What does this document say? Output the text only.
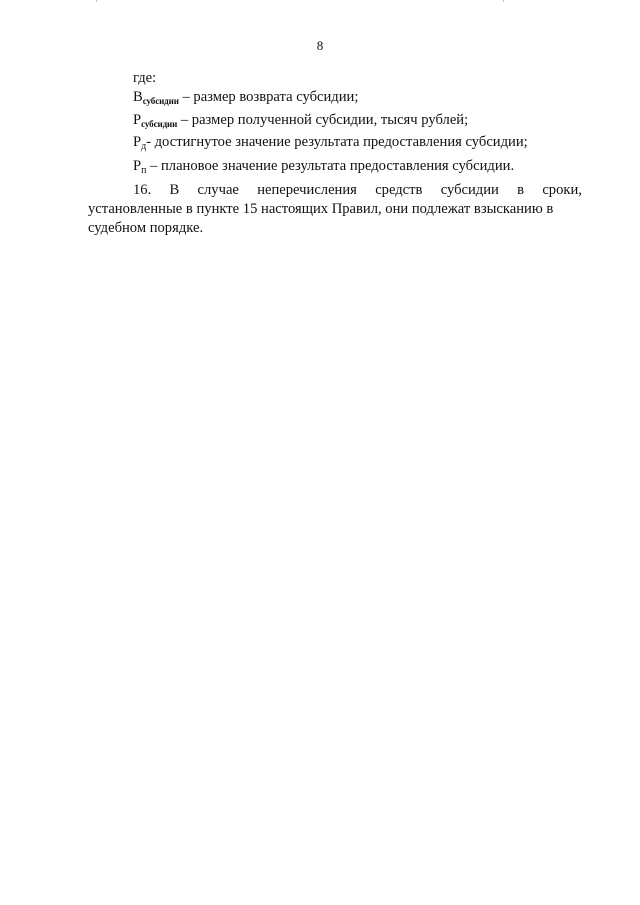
8
где:
$В_{субсидии}$ – размер возврата субсидии;
$Р_{субсидии}$ – размер полученной субсидии, тысяч рублей;
$Р_д-$ достигнутое значение результата предоставления субсидии;
$Р_п$ – плановое значение результата предоставления субсидии.
16. В случае неперечисления средств субсидии в сроки,
установленные в пункте 15 настоящих Правил, они подлежат взысканию в
судебном порядке.
